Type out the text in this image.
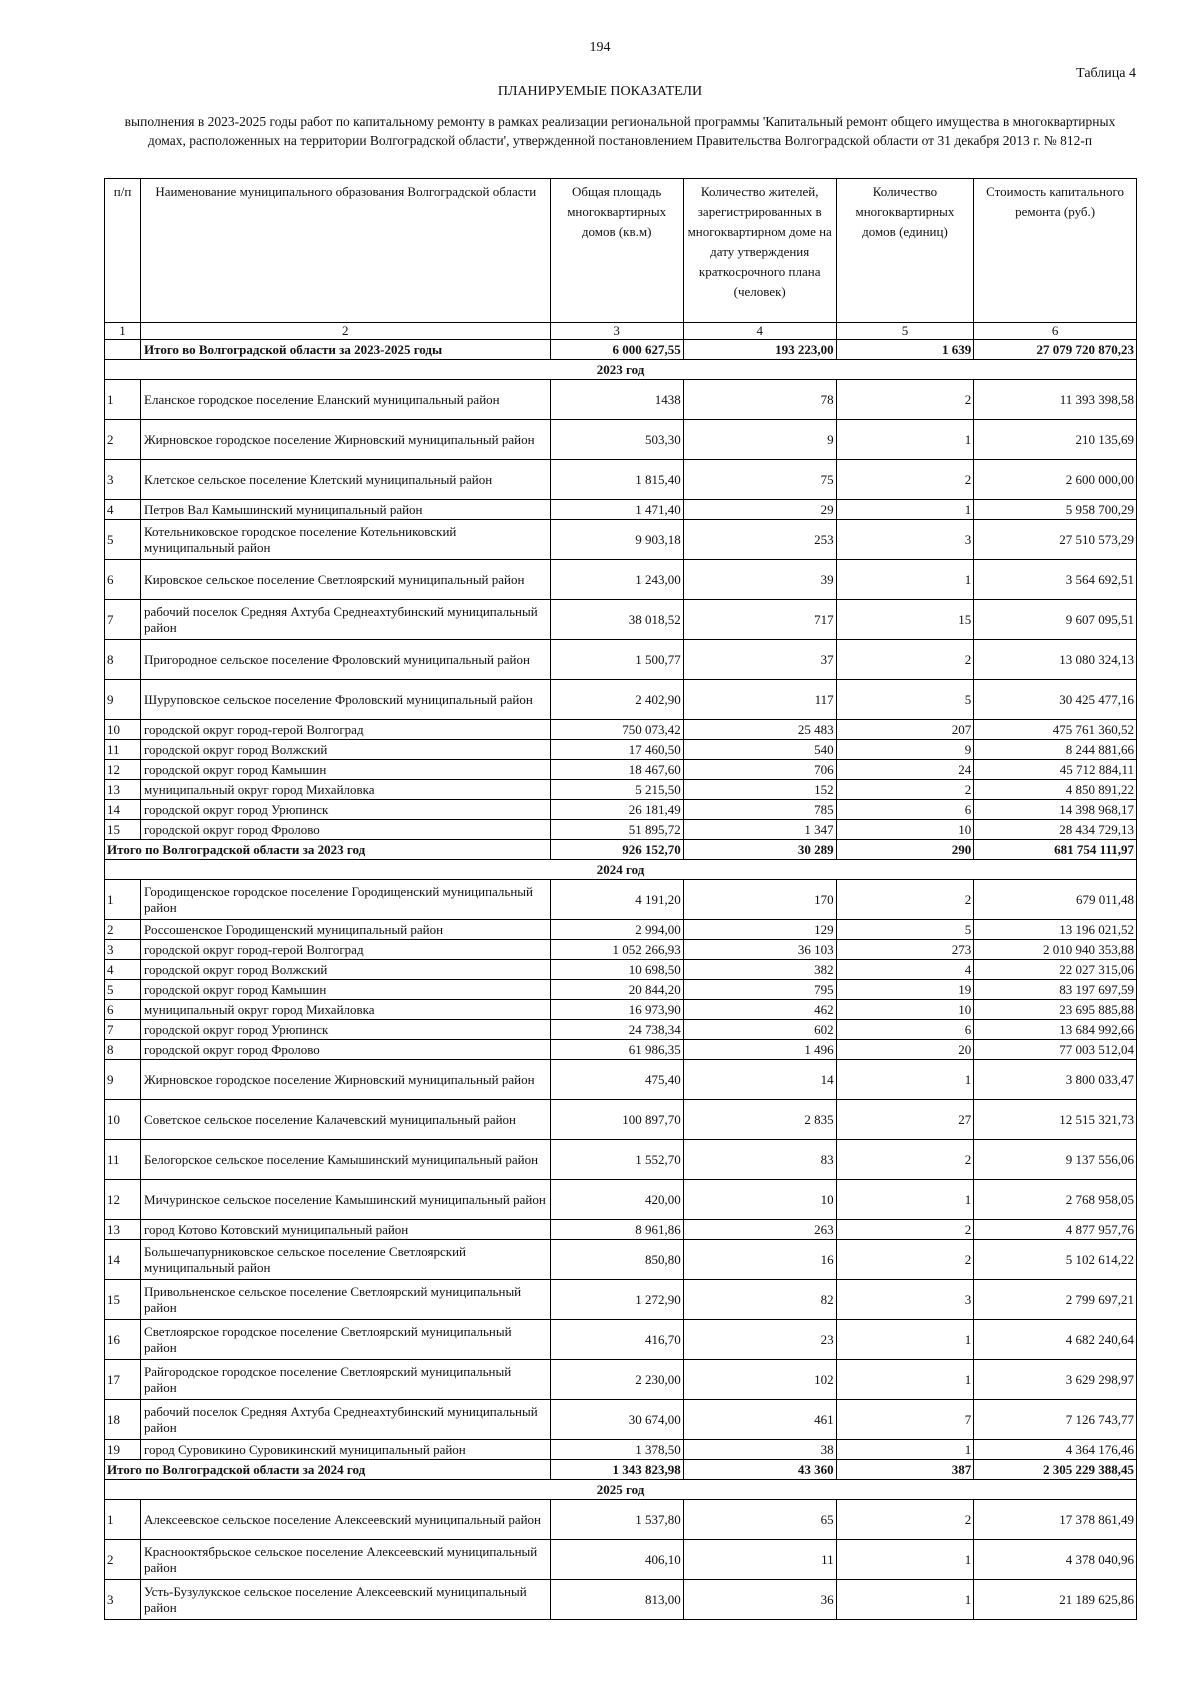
194
Таблица 4
ПЛАНИРУЕМЫЕ ПОКАЗАТЕЛИ
выполнения в 2023-2025 годы работ по капитальному ремонту в рамках реализации региональной программы 'Капитальный ремонт общего имущества в многоквартирных домах, расположенных на территории Волгоградской области', утвержденной постановлением Правительства Волгоградской области от 31 декабря 2013 г. № 812-п
п/п	Наименование муниципального образования Волгоградской области	Общая площадь многоквартирных домов (кв.м)	Количество жителей, зарегистрированных в многоквартирном доме на дату утверждения краткосрочного плана (человек)	Количество многоквартирных домов (единиц)	Стоимость капитального ремонта (руб.)
1	2	3	4	5	6
	Итого во Волгоградской области за 2023-2025 годы	6 000 627,55	193 223,00	1 639	27 079 720 870,23
2023 год					
1	Еланское городское поселение Еланский муниципальный район	1438	78	2	11 393 398,58
2	Жирновское городское поселение Жирновский муниципальный район	503,30	9	1	210 135,69
3	Клетское сельское поселение Клетский муниципальный район	1 815,40	75	2	2 600 000,00
4	Петров Вал Камышинский муниципальный район	1 471,40	29	1	5 958 700,29
5	Котельниковское городское поселение Котельниковский муниципальный район	9 903,18	253	3	27 510 573,29
6	Кировское сельское поселение Светлоярский муниципальный район	1 243,00	39	1	3 564 692,51
7	рабочий поселок Средняя Ахтуба Среднеахтубинский муниципальный район	38 018,52	717	15	9 607 095,51
8	Пригородное сельское поселение Фроловский муниципальный район	1 500,77	37	2	13 080 324,13
9	Шуруповское сельское поселение Фроловский муниципальный район	2 402,90	117	5	30 425 477,16
10	городской округ город-герой Волгоград	750 073,42	25 483	207	475 761 360,52
11	городской округ город Волжский	17 460,50	540	9	8 244 881,66
12	городской округ город Камышин	18 467,60	706	24	45 712 884,11
13	муниципальный округ город Михайловка	5 215,50	152	2	4 850 891,22
14	городской округ город Урюпинск	26 181,49	785	6	14 398 968,17
15	городской округ город Фролово	51 895,72	1 347	10	28 434 729,13
Итого по Волгоградской области за 2023 год		926 152,70	30 289	290	681 754 111,97
2024 год					
1	Городищенское городское поселение Городищенский муниципальный район	4 191,20	170	2	679 011,48
2	Россошенское Городищенский муниципальный район	2 994,00	129	5	13 196 021,52
3	городской округ город-герой Волгоград	1 052 266,93	36 103	273	2 010 940 353,88
4	городской округ город Волжский	10 698,50	382	4	22 027 315,06
5	городской округ город Камышин	20 844,20	795	19	83 197 697,59
6	муниципальный округ город Михайловка	16 973,90	462	10	23 695 885,88
7	городской округ город Урюпинск	24 738,34	602	6	13 684 992,66
8	городской округ город Фролово	61 986,35	1 496	20	77 003 512,04
9	Жирновское городское поселение Жирновский муниципальный район	475,40	14	1	3 800 033,47
10	Советское сельское поселение Калачевский муниципальный район	100 897,70	2 835	27	12 515 321,73
11	Белогорское сельское поселение Камышинский муниципальный район	1 552,70	83	2	9 137 556,06
12	Мичуринское сельское поселение Камышинский муниципальный район	420,00	10	1	2 768 958,05
13	город Котово Котовский муниципальный район	8 961,86	263	2	4 877 957,76
14	Большечапурниковское сельское поселение Светлоярский муниципальный район	850,80	16	2	5 102 614,22
15	Привольненское сельское поселение Светлоярский муниципальный район	1 272,90	82	3	2 799 697,21
16	Светлоярское городское поселение Светлоярский муниципальный район	416,70	23	1	4 682 240,64
17	Райгородское городское поселение Светлоярский муниципальный район	2 230,00	102	1	3 629 298,97
18	рабочий поселок Средняя Ахтуба Среднеахтубинский муниципальный район	30 674,00	461	7	7 126 743,77
19	город Суровикино Суровикинский муниципальный район	1 378,50	38	1	4 364 176,46
Итого по Волгоградской области за 2024 год		1 343 823,98	43 360	387	2 305 229 388,45
2025 год					
1	Алексеевское сельское поселение Алексеевский муниципальный район	1 537,80	65	2	17 378 861,49
2	Краснооктябрьское сельское поселение Алексеевский муниципальный район	406,10	11	1	4 378 040,96
3	Усть-Бузулукское сельское поселение Алексеевский муниципальный район	813,00	36	1	21 189 625,86
